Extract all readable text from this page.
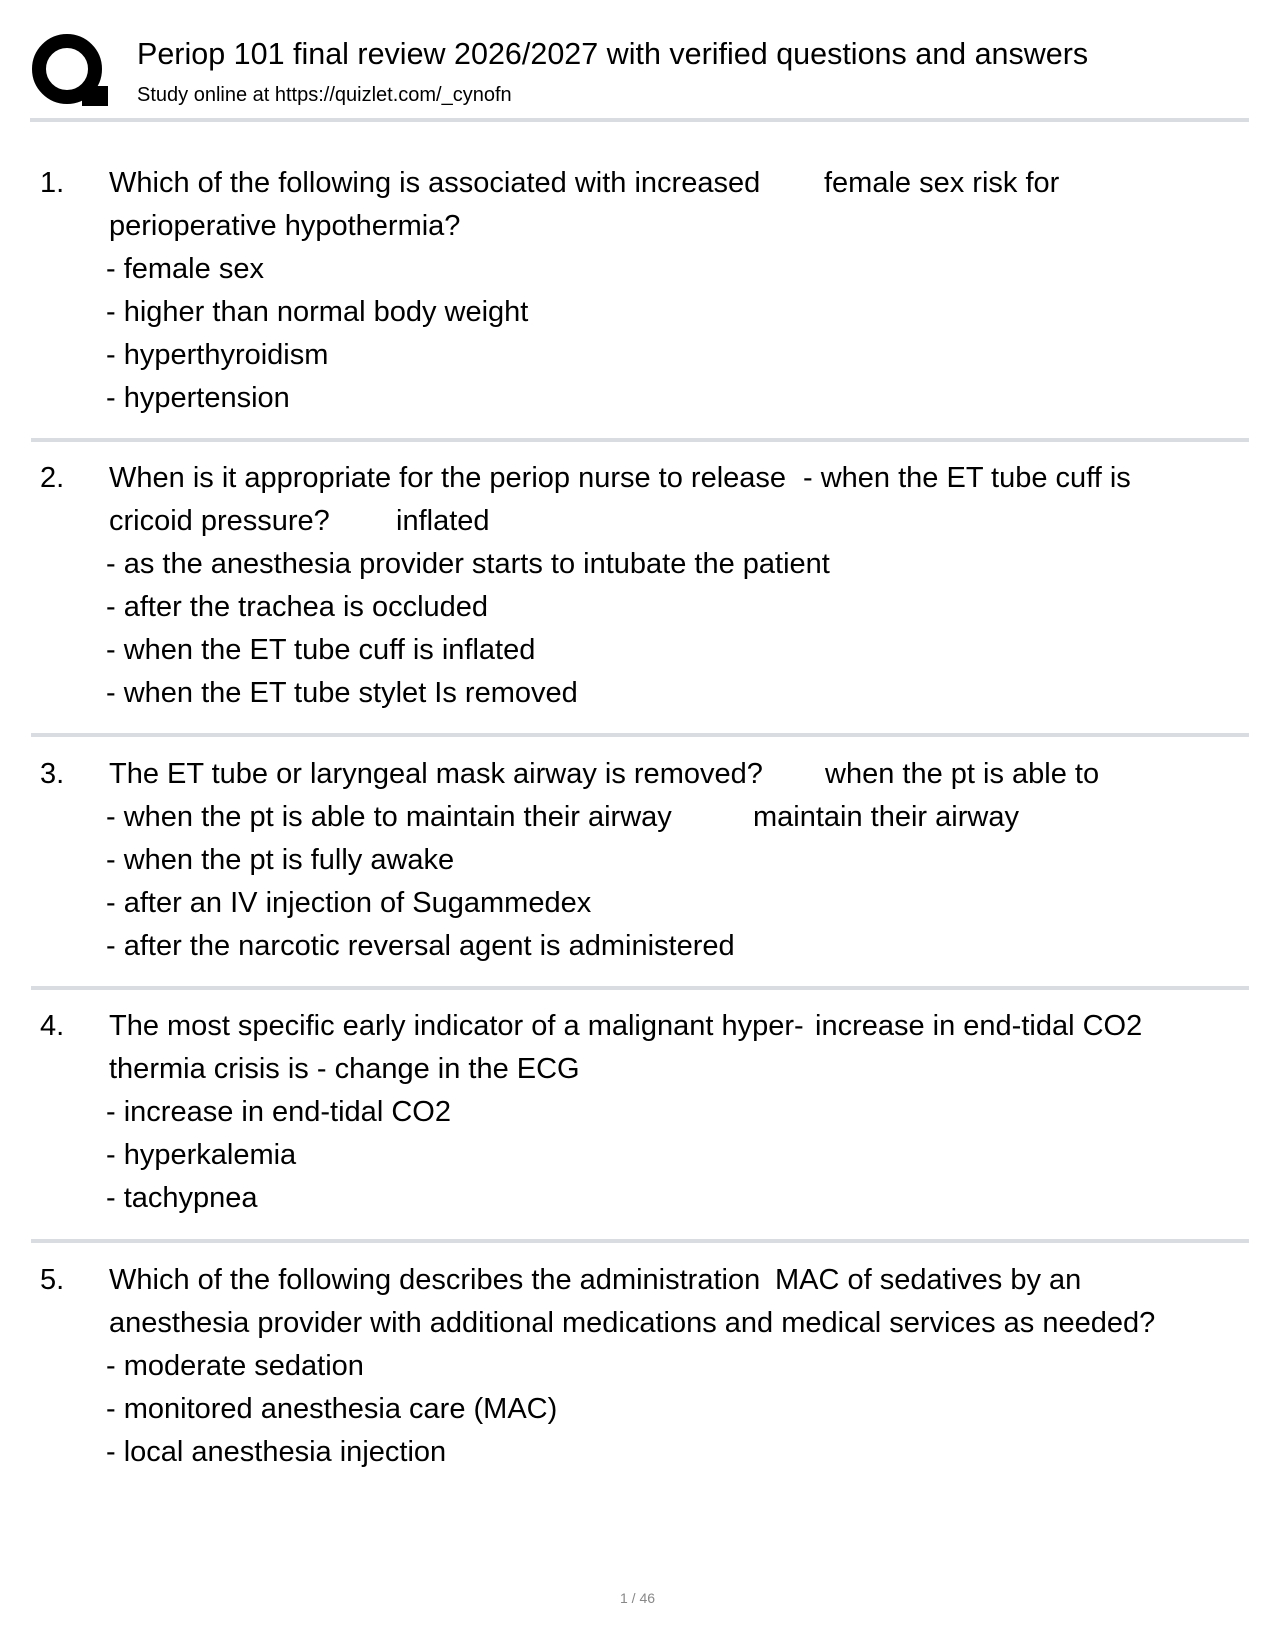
Periop 101 final review 2026/2027 with verified questions and answers
Study online at https://quizlet.com/_cynofn
1. Which of the following is associated with increased
perioperative hypothermia?
female sex risk for
- female sex
- higher than normal body weight
- hyperthyroidism
- hypertension
2. When is it appropriate for the periop nurse to release
cricoid pressure?
- when the ET tube cuff is
inflated
- as the anesthesia provider starts to intubate the patient
- after the trachea is occluded
- when the ET tube cuff is inflated
- when the ET tube stylet Is removed
3. The ET tube or laryngeal mask airway is removed? when the pt is able to
maintain their airway
- when the pt is able to maintain their airway
- when the pt is fully awake
- after an IV injection of Sugammedex
- after the narcotic reversal agent is administered
4. The most specific early indicator of a malignant hyper-
thermia crisis is - change in the ECG
increase in end-tidal CO2
- increase in end-tidal CO2
- hyperkalemia
- tachypnea
5. Which of the following describes the administration
anesthesia provider with additional medications and medical services as needed?
MAC of sedatives by an
- moderate sedation
- monitored anesthesia care (MAC)
- local anesthesia injection
1 / 46
